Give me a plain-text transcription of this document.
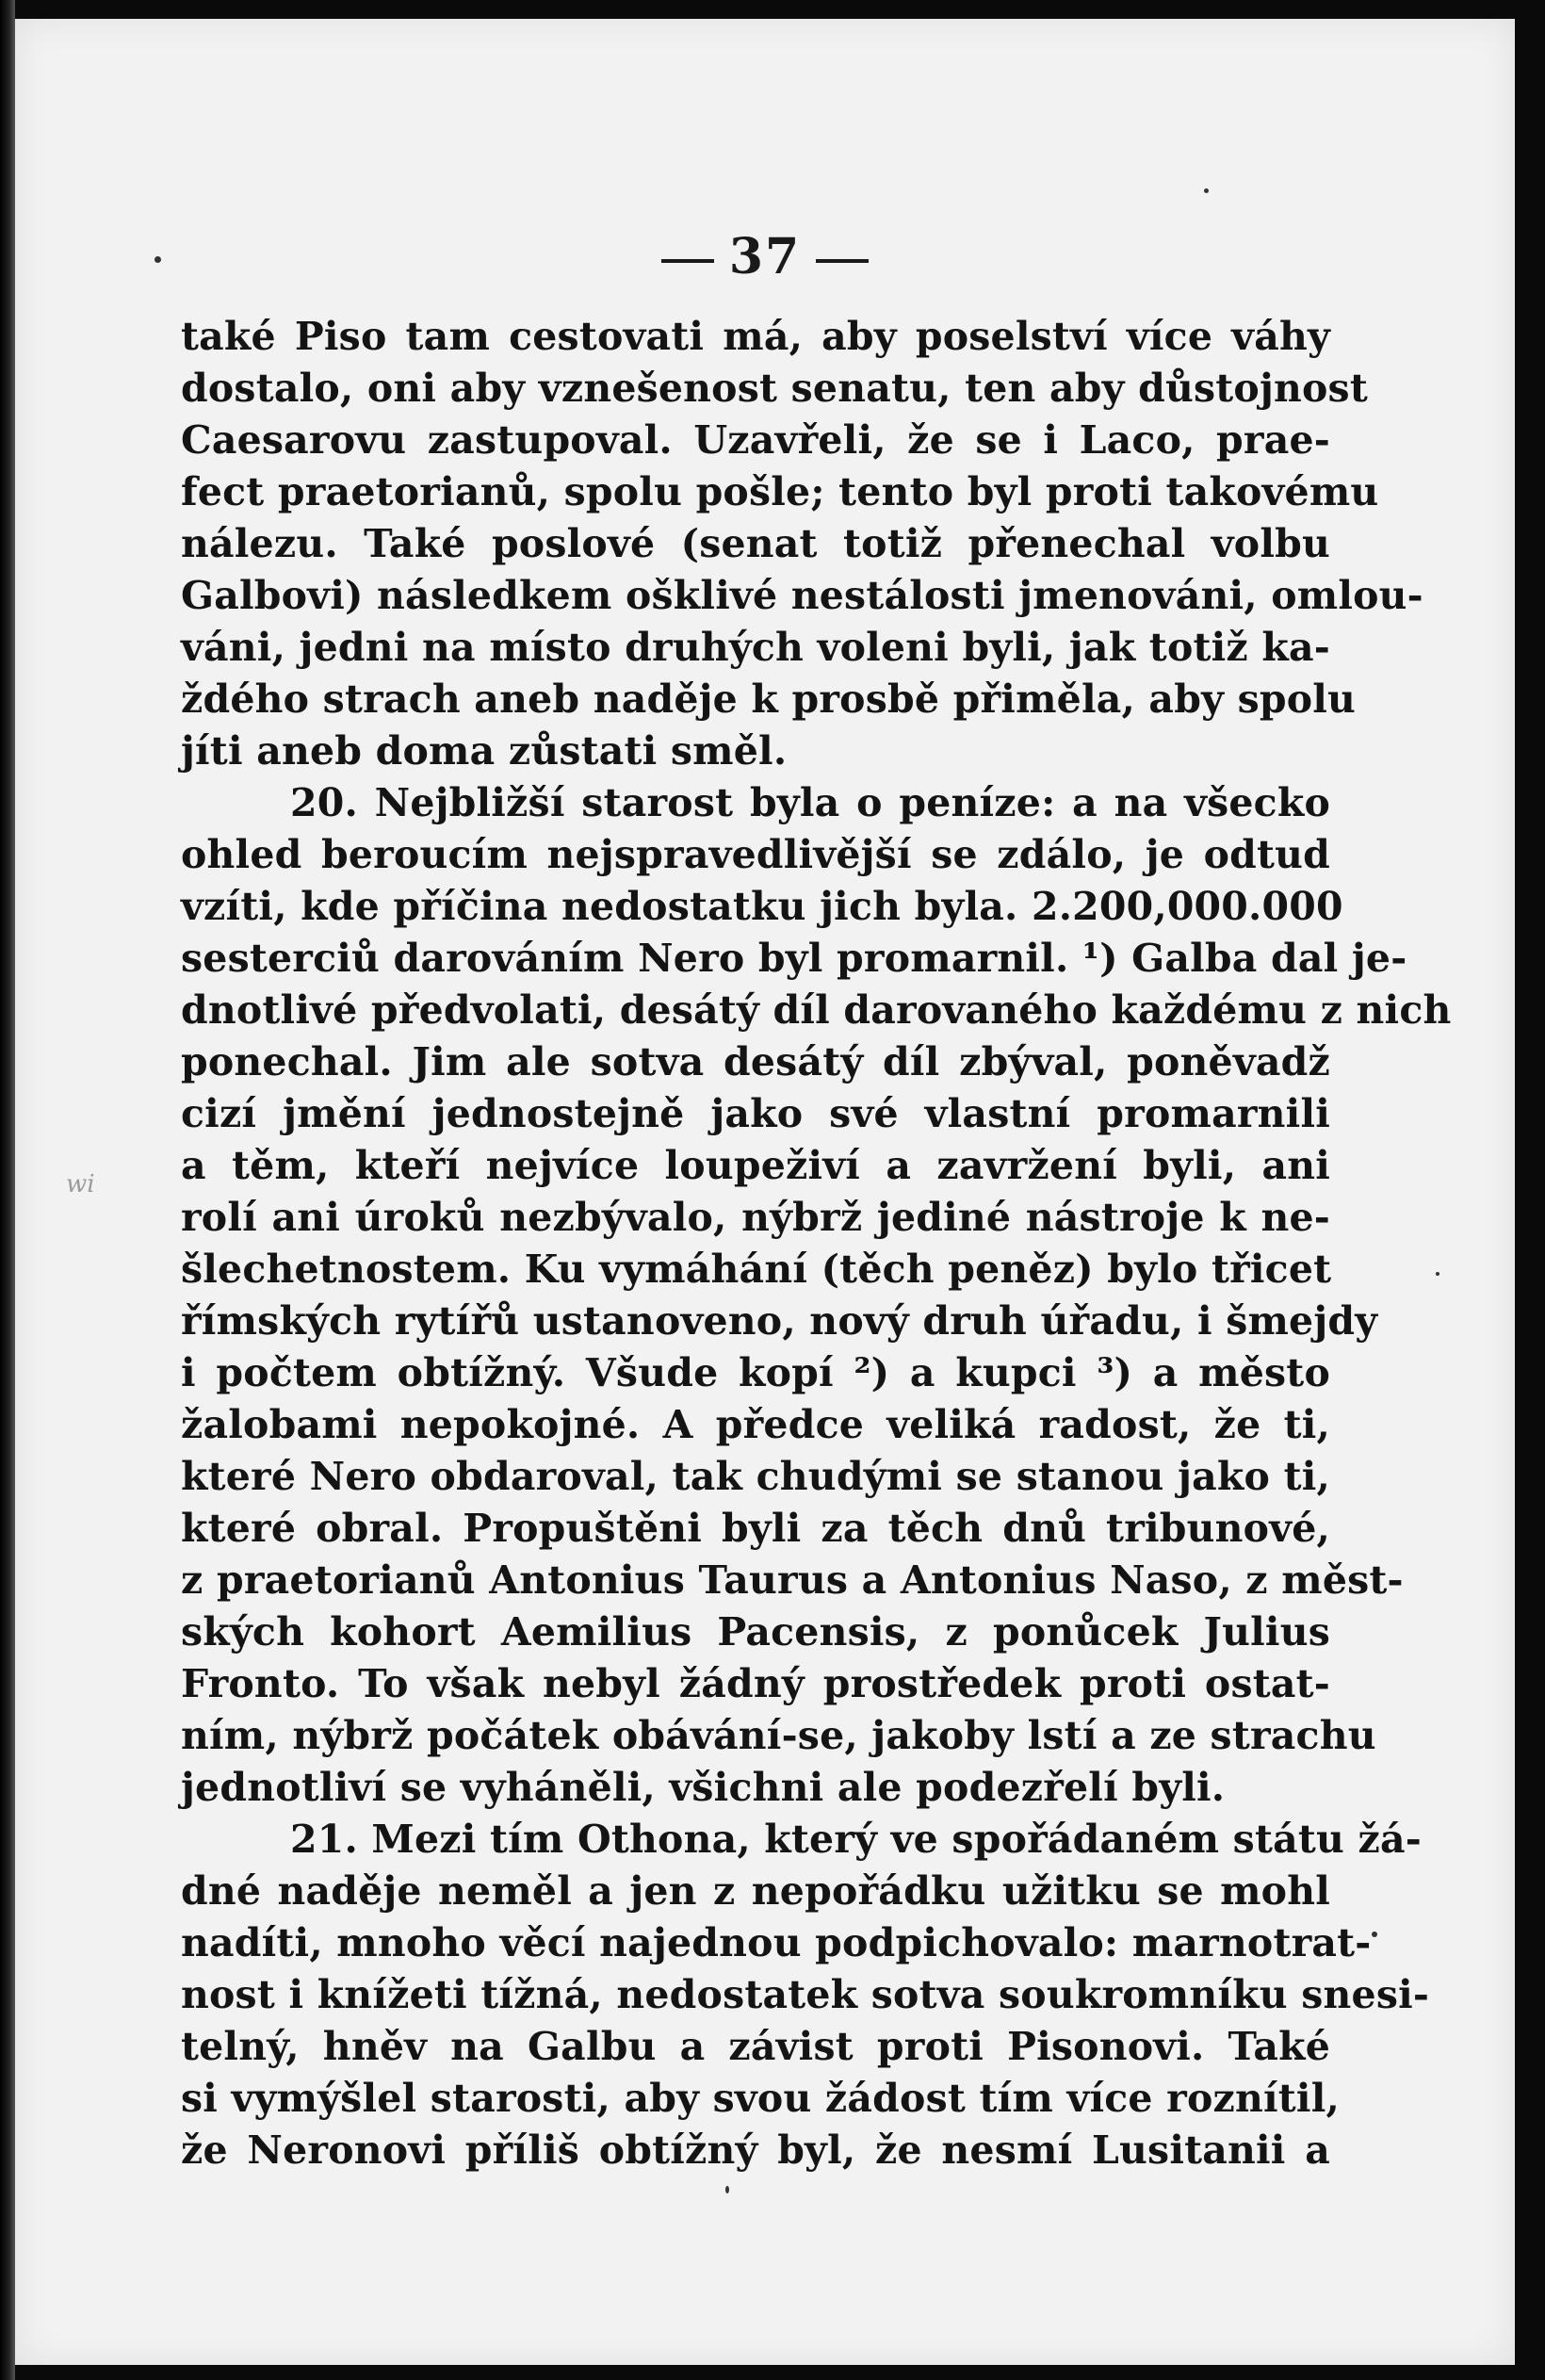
37
také Piso tam cestovati má, aby poselství více váhy
dostalo, oni aby vznešenost senatu, ten aby důstojnost
Caesarovu zastupoval. Uzavřeli, že se i Laco, prae-
fect praetorianů, spolu pošle; tento byl proti takovému
nálezu. Také poslové (senat totiž přenechal volbu
Galbovi) následkem ošklivé nestálosti jmenováni, omlou-
váni, jedni na místo druhých voleni byli, jak totiž ka-
ždého strach aneb naděje k prosbě přiměla, aby spolu
jíti aneb doma zůstati směl.
20. Nejbližší starost byla o peníze: a na všecko
ohled beroucím nejspravedlivější se zdálo, je odtud
vzíti, kde příčina nedostatku jich byla. 2.200,000.000
sesterciů darováním Nero byl promarnil. ¹) Galba dal je-
dnotlivé předvolati, desátý díl darovaného každému z nich
ponechal. Jim ale sotva desátý díl zbýval, poněvadž
cizí jmění jednostejně jako své vlastní promarnili
a těm, kteří nejvíce loupeživí a zavržení byli, ani
rolí ani úroků nezbývalo, nýbrž jediné nástroje k ne-
šlechetnostem. Ku vymáhání (těch peněz) bylo třicet
římských rytířů ustanoveno, nový druh úřadu, i šmejdy
i počtem obtížný. Všude kopí ²) a kupci ³) a město
žalobami nepokojné. A předce veliká radost, že ti,
které Nero obdaroval, tak chudými se stanou jako ti,
které obral. Propuštěni byli za těch dnů tribunové,
z praetorianů Antonius Taurus a Antonius Naso, z měst-
ských kohort Aemilius Pacensis, z ponůcek Julius
Fronto. To však nebyl žádný prostředek proti ostat-
ním, nýbrž počátek obávání-se, jakoby lstí a ze strachu
jednotliví se vyháněli, všichni ale podezřelí byli.
21. Mezi tím Othona, který ve spořádaném státu žá-
dné naděje neměl a jen z nepořádku užitku se mohl
nadíti, mnoho věcí najednou podpichovalo: marnotrat-
nost i knížeti tížná, nedostatek sotva soukromníku snesi-
telný, hněv na Galbu a závist proti Pisonovi. Také
si vymýšlel starosti, aby svou žádost tím více roznítil,
že Neronovi příliš obtížný byl, že nesmí Lusitanii a
wi
